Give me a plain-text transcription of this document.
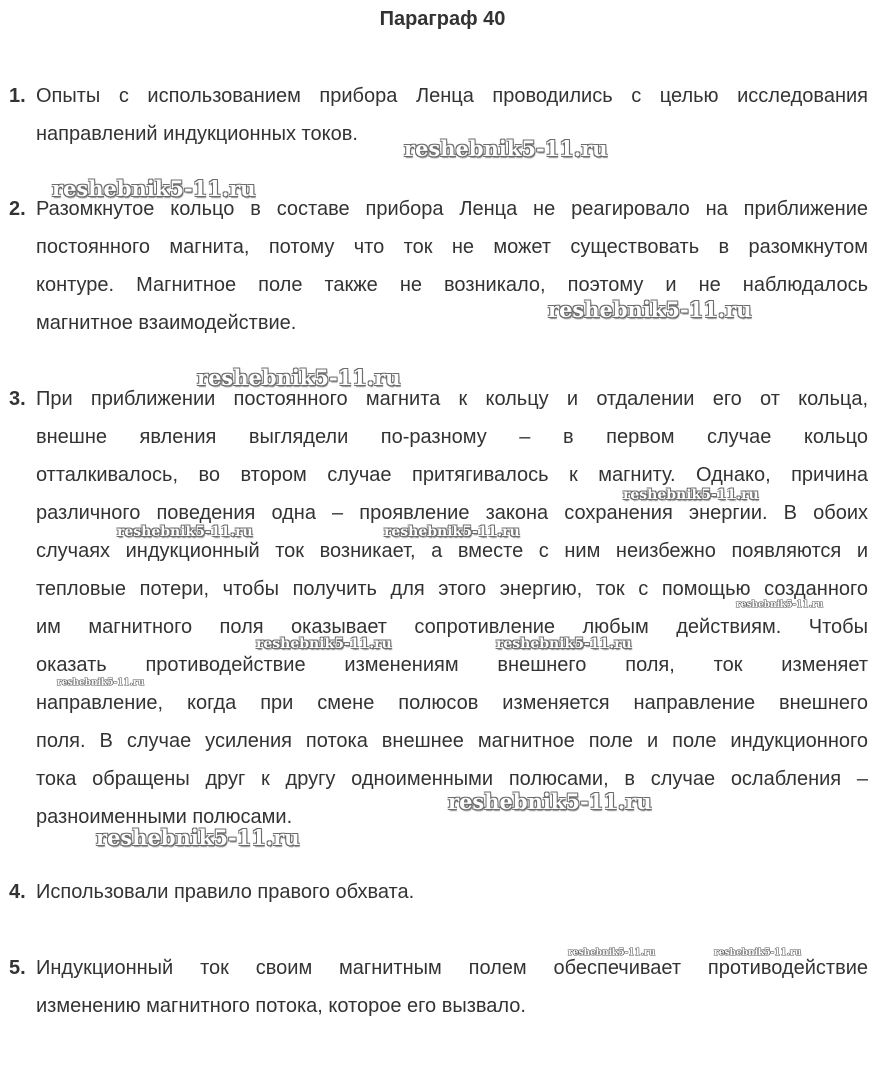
Параграф 40
1. Опыты с использованием прибора Ленца проводились с целью исследования
направлений индукционных токов.
2. Разомкнутое кольцо в составе прибора Ленца не реагировало на приближение
постоянного магнита, потому что ток не может существовать в разомкнутом
контуре. Магнитное поле также не возникало, поэтому и не наблюдалось
магнитное взаимодействие.
3. При приближении постоянного магнита к кольцу и отдалении его от кольца,
внешне явления выглядели по-разному – в первом случае кольцо
отталкивалось, во втором случае притягивалось к магниту. Однако, причина
различного поведения одна – проявление закона сохранения энергии. В обоих
случаях индукционный ток возникает, а вместе с ним неизбежно появляются и
тепловые потери, чтобы получить для этого энергию, ток с помощью созданного
им магнитного поля оказывает сопротивление любым действиям. Чтобы
оказать противодействие изменениям внешнего поля, ток изменяет
направление, когда при смене полюсов изменяется направление внешнего
поля. В случае усиления потока внешнее магнитное поле и поле индукционного
тока обращены друг к другу одноименными полюсами, в случае ослабления –
разноименными полюсами.
4. Использовали правило правого обхвата.
5. Индукционный ток своим магнитным полем обеспечивает противодействие
изменению магнитного потока, которое его вызвало.
reshebnik5-11.ru
reshebnik5-11.ru
reshebnik5-11.ru
reshebnik5-11.ru
reshebnik5-11.ru
reshebnik5-11.ru	reshebnik5-11.ru
reshebnik5-11.ru
reshebnik5-11.ru	reshebnik5-11.ru
reshebnik5-11.ru
reshebnik5-11.ru
reshebnik5-11.ru
reshebnik5-11.ru	reshebnik5-11.ru
